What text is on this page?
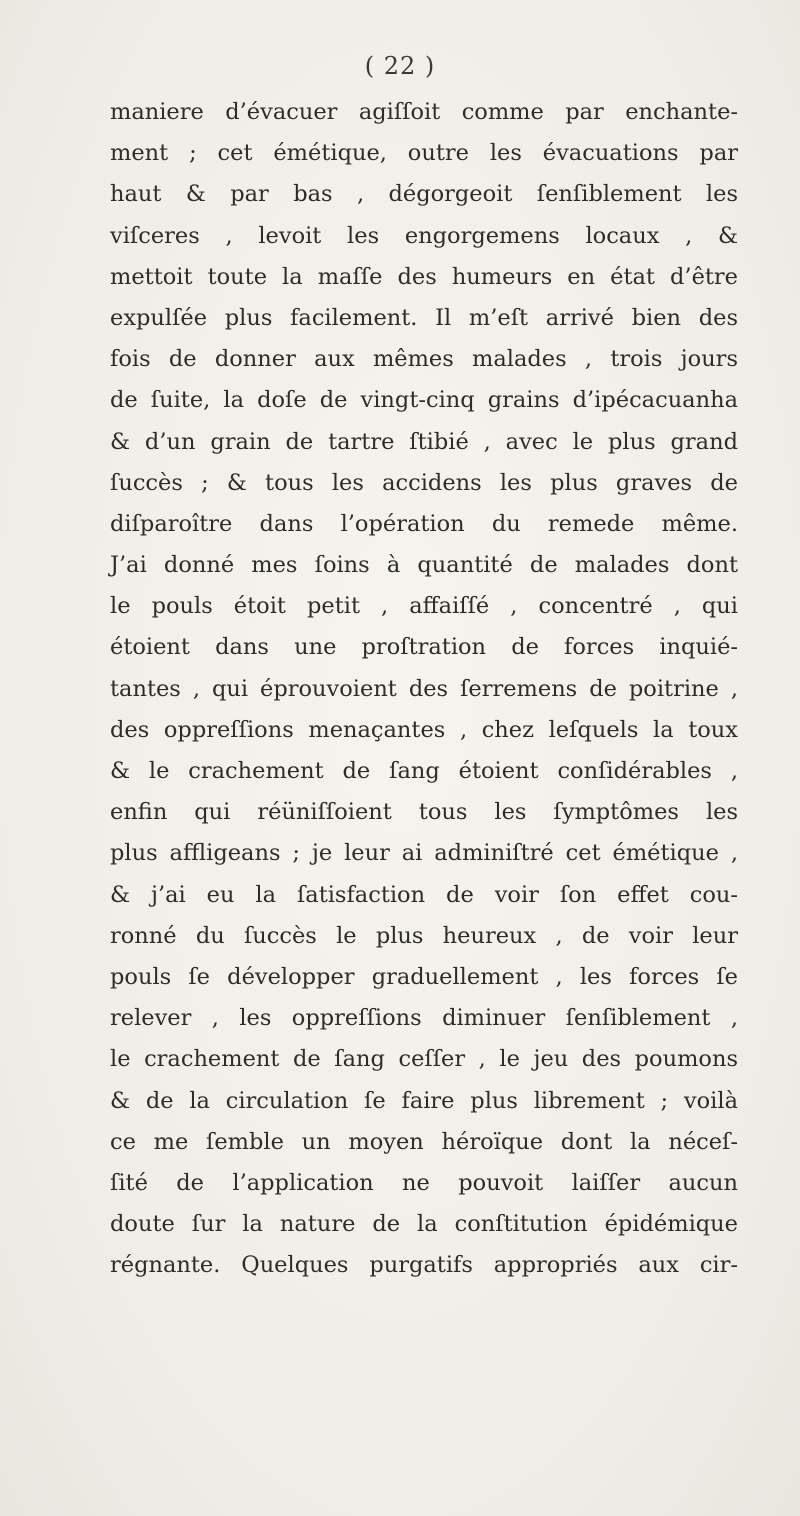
( 22 )
maniere d’évacuer agiſſoit comme par enchante-
ment ; cet émétique, outre les évacuations par
haut & par bas , dégorgeoit ſenſiblement les
viſceres , levoit les engorgemens locaux , &
mettoit toute la maſſe des humeurs en état d’être
expulſée plus facilement. Il m’eſt arrivé bien des
fois de donner aux mêmes malades , trois jours
de ſuite, la doſe de vingt-cinq grains d’ipécacuanha
& d’un grain de tartre ſtibié , avec le plus grand
ſuccès ; & tous les accidens les plus graves de
diſparoître dans l’opération du remede même.
J’ai donné mes ſoins à quantité de malades dont
le pouls étoit petit , affaiſſé , concentré , qui
étoient dans une proſtration de forces inquié-
tantes , qui éprouvoient des ſerremens de poitrine ,
des oppreſſions menaçantes , chez leſquels la toux
& le crachement de ſang étoient conſidérables ,
enfin qui réüniſſoient tous les ſymptômes les
plus affligeans ; je leur ai adminiſtré cet émétique ,
& j’ai eu la ſatisfaction de voir ſon effet cou-
ronné du ſuccès le plus heureux , de voir leur
pouls ſe développer graduellement , les forces ſe
relever , les oppreſſions diminuer ſenſiblement ,
le crachement de ſang ceſſer , le jeu des poumons
& de la circulation ſe faire plus librement ; voilà
ce me ſemble un moyen héroïque dont la néceſ-
ſité de l’application ne pouvoit laiſſer aucun
doute ſur la nature de la conſtitution épidémique
régnante. Quelques purgatifs appropriés aux cir-
